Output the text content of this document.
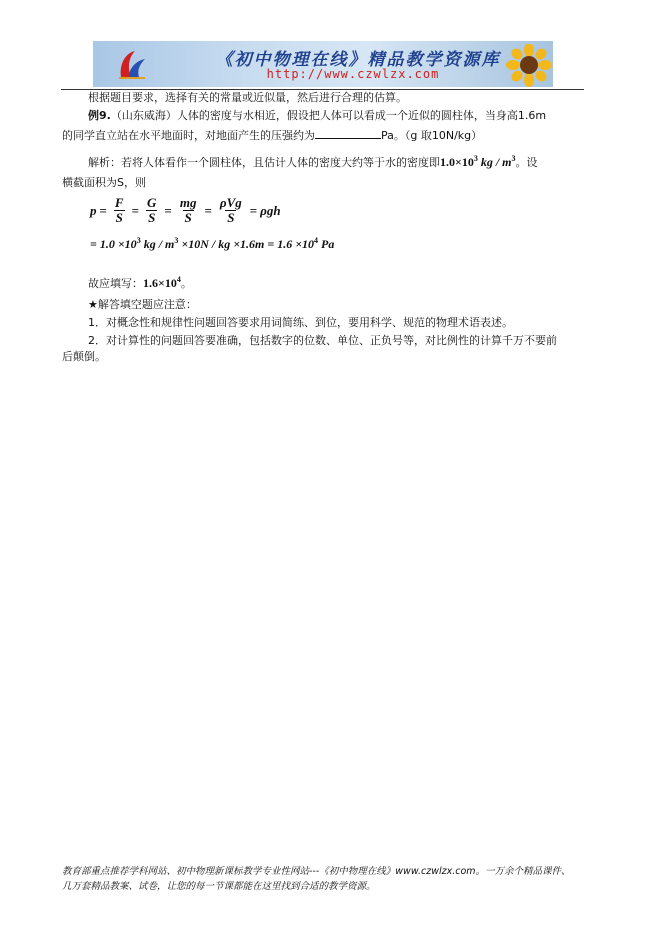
《初中物理在线》精品教学资源库
http://www.czwlzx.com
根据题目要求，选择有关的常量或近似量，然后进行合理的估算。
例9.（山东威海）人体的密度与水相近，假设把人体可以看成一个近似的圆柱体，当身高1.6m
的同学直立站在水平地面时，对地面产生的压强约为	Pa。（g 取10N/kg）
解析：若将人体看作一个圆柱体，且估计人体的密度大约等于水的密度即$1.0\times 10^3$ kg / $m^3$。设
横截面积为S，则
$p = \frac{F}{S} = \frac{G}{S} = \frac{mg}{S} = \frac{\text{ρVg}}{S} = \rho gh$
= $1.0 \times 10^3$ kg / $m^3 \times 10N$ / kg $\times 1.6m = 1.6 \times 10^4$ Pa
故应填写：$1.6\times 10^4$。
★解答填空题应注意：
1．对概念性和规律性问题回答要求用词简练、到位，要用科学、规范的物理术语表述。
2．对计算性的问题回答要准确，包括数字的位数、单位、正负号等，对比例性的计算千万不要前
后颠倒。
教育部重点推荐学科网站、初中物理新课标教学专业性网站---《初中物理在线》www.czwlzx.com。一万余个精品课件、
几万套精品教案、试卷，让您的每一节课都能在这里找到合适的教学资源。
